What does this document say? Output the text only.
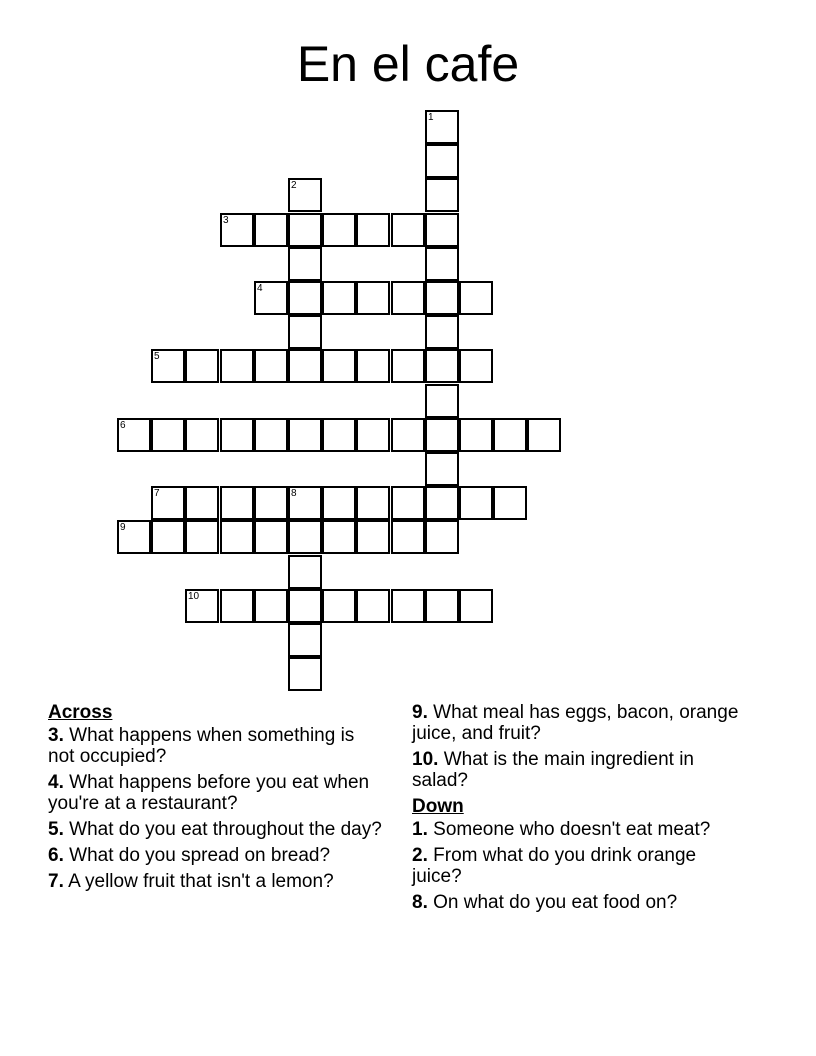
En el cafe
1
2
3
4
5
6
7	8
9
10
Across
3. What happens when something is not occupied?
4. What happens before you eat when you're at a restaurant?
5. What do you eat throughout the day?
6. What do you spread on bread?
7. A yellow fruit that isn't a lemon?
9. What meal has eggs, bacon, orange juice, and fruit?
10. What is the main ingredient in salad?
Down
1. Someone who doesn't eat meat?
2. From what do you drink orange juice?
8. On what do you eat food on?
